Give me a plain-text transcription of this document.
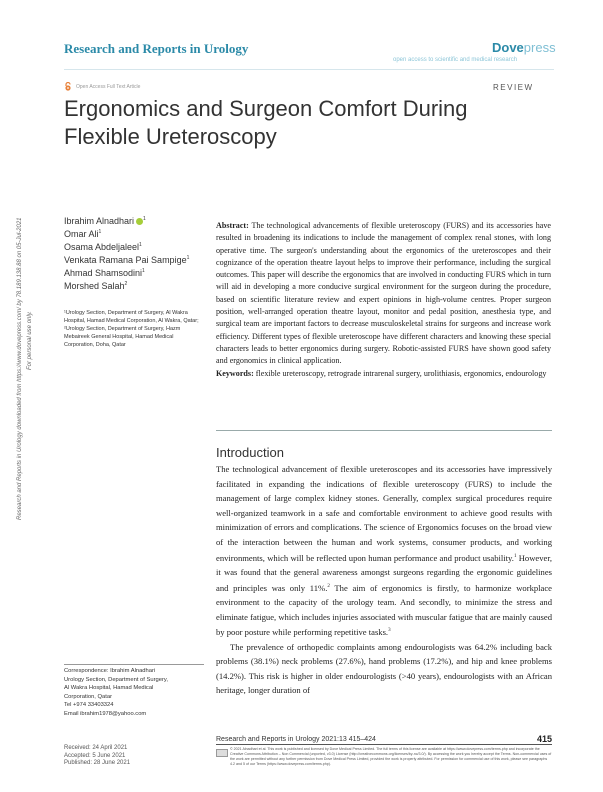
Research and Reports in Urology	Dovepress
open access to scientific and medical research
Open Access Full Text Article	REVIEW
Ergonomics and Surgeon Comfort During Flexible Ureteroscopy
Research and Reports in Urology downloaded from https://www.dovepress.com/ by 78.189.138.88 on 05-Jul-2021 For personal use only.
Ibrahim Alnadhari $^1$
Omar Ali$^1$
Osama Abdeljaleel$^1$
Venkata Ramana Pai Sampige$^1$
Ahmad Shamsodini$^1$
Morshed Salah$^2$
¹Urology Section, Department of Surgery, Al Wakra Hospital, Hamad Medical Corporation, Al Wakra, Qatar;
²Urology Section, Department of Surgery, Hazm Mebaireek General Hospital, Hamad Medical Corporation, Doha, Qatar
Abstract: The technological advancements of flexible ureteroscopy (FURS) and its accessories have resulted in broadening its indications to include the management of complex renal stones, with long operative time. The surgeon's understanding about the ergonomics of the ureteroscopes and their cognizance of the operation theatre layout helps to improve their performance, including the surgical outcomes. This paper will describe the ergonomics that are involved in conducting FURS which in turn will aid in developing a more conducive surgical environment for the surgeon during the procedure, based on scientific literature review and expert opinions in high-volume centres. Proper surgeon position, well-arranged operation theatre layout, monitor and pedal position, anesthesia type, and surgical team are important factors to decrease musculoskeletal strains for surgeons and increase work efficiency. Different types of flexible ureteroscope have different characters and knowing these special characters leads to better ergonomics during surgery. Robotic-assisted FURS have shown good safety and ergonomics in clinical application.
Keywords: flexible ureteroscopy, retrograde intrarenal surgery, urolithiasis, ergonomics, endourology
Introduction

The technological advancement of flexible ureteroscopes and its accessories have impressively facilitated in expanding the indications of flexible ureteroscopy (FURS) to include the management of large complex kidney stones. Generally, complex surgical procedures require well-organized teamwork in a safe and comfortable environment to achieve good results with minimization of errors and complications. The science of Ergonomics focuses on the broad view of the interaction between the human and work systems, consumer products, and working environments, which will be reflected upon human performance and product usability.$^1$ However, it was found that the general awareness amongst surgeons regarding the ergonomic guidelines and principles was only 11%.$^2$ The aim of ergonomics is firstly, to harmonize workplace environment to the capacity of the urology team. And secondly, to minimize the stress and eliminate fatigue, which includes injuries associated with muscular fatigue that are mainly caused by poor posture while performing repetitive tasks.$^3$

The prevalence of orthopedic complaints among endourologists was 64.2% including back problems (38.1%) neck problems (27.6%), hand problems (17.2%), and hip and knee problems (14.2%). This risk is higher in older endourologists (>40 years), endourologists with an African heritage, longer duration of

Correspondence: Ibrahim Alnadhari
Urology Section, Department of Surgery,
Al Wakra Hospital, Hamad Medical
Corporation, Qatar
Tel +974 33403324
Email ibrahim1978@yahoo.com
Received: 24 April 2021
Accepted: 5 June 2021
Published: 28 June 2021
Research and Reports in Urology 2021:13 415–424	415
© 2021 Alnadhari et al. This work is published and licensed by Dove Medical Press Limited. The full terms of this license are available at https://www.dovepress.com/terms.php and incorporate the Creative Commons Attribution – Non Commercial (unported, v3.0) License (http://creativecommons.org/licenses/by-nc/3.0/). By accessing the work you hereby accept the Terms. Non-commercial uses of the work are permitted without any further permission from Dove Medical Press Limited, provided the work is properly attributed. For permission for commercial use of this work, please see paragraphs 4.2 and 5 of our Terms (https://www.dovepress.com/terms.php).
